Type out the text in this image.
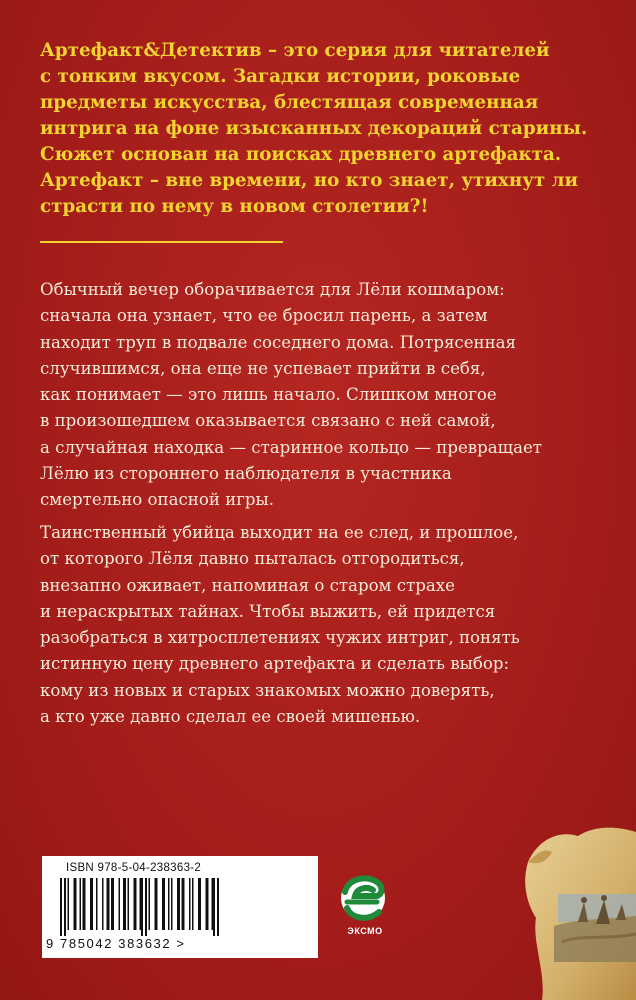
Артефакт&Детектив – это серия для читателей
с тонким вкусом. Загадки истории, роковые
предметы искусства, блестящая современная
интрига на фоне изысканных декораций старины.
Сюжет основан на поисках древнего артефакта.
Артефакт – вне времени, но кто знает, утихнут ли
страсти по нему в новом столетии?!

Обычный вечер оборачивается для Лёли кошмаром:
сначала она узнает, что ее бросил парень, а затем
находит труп в подвале соседнего дома. Потрясенная
случившимся, она еще не успевает прийти в себя,
как понимает — это лишь начало. Слишком многое
в произошедшем оказывается связано с ней самой,
а случайная находка — старинное кольцо — превращает
Лёлю из стороннего наблюдателя в участника
смертельно опасной игры.

Таинственный убийца выходит на ее след, и прошлое,
от которого Лёля давно пыталась отгородиться,
внезапно оживает, напоминая о старом страхе
и нераскрытых тайнах. Чтобы выжить, ей придется
разобраться в хитросплетениях чужих интриг, понять
истинную цену древнего артефакта и сделать выбор:
кому из новых и старых знакомых можно доверять,
а кто уже давно сделал ее своей мишенью.

ISBN 978-5-04-238363-2
9 785042 383632 >
ЭКСМО
